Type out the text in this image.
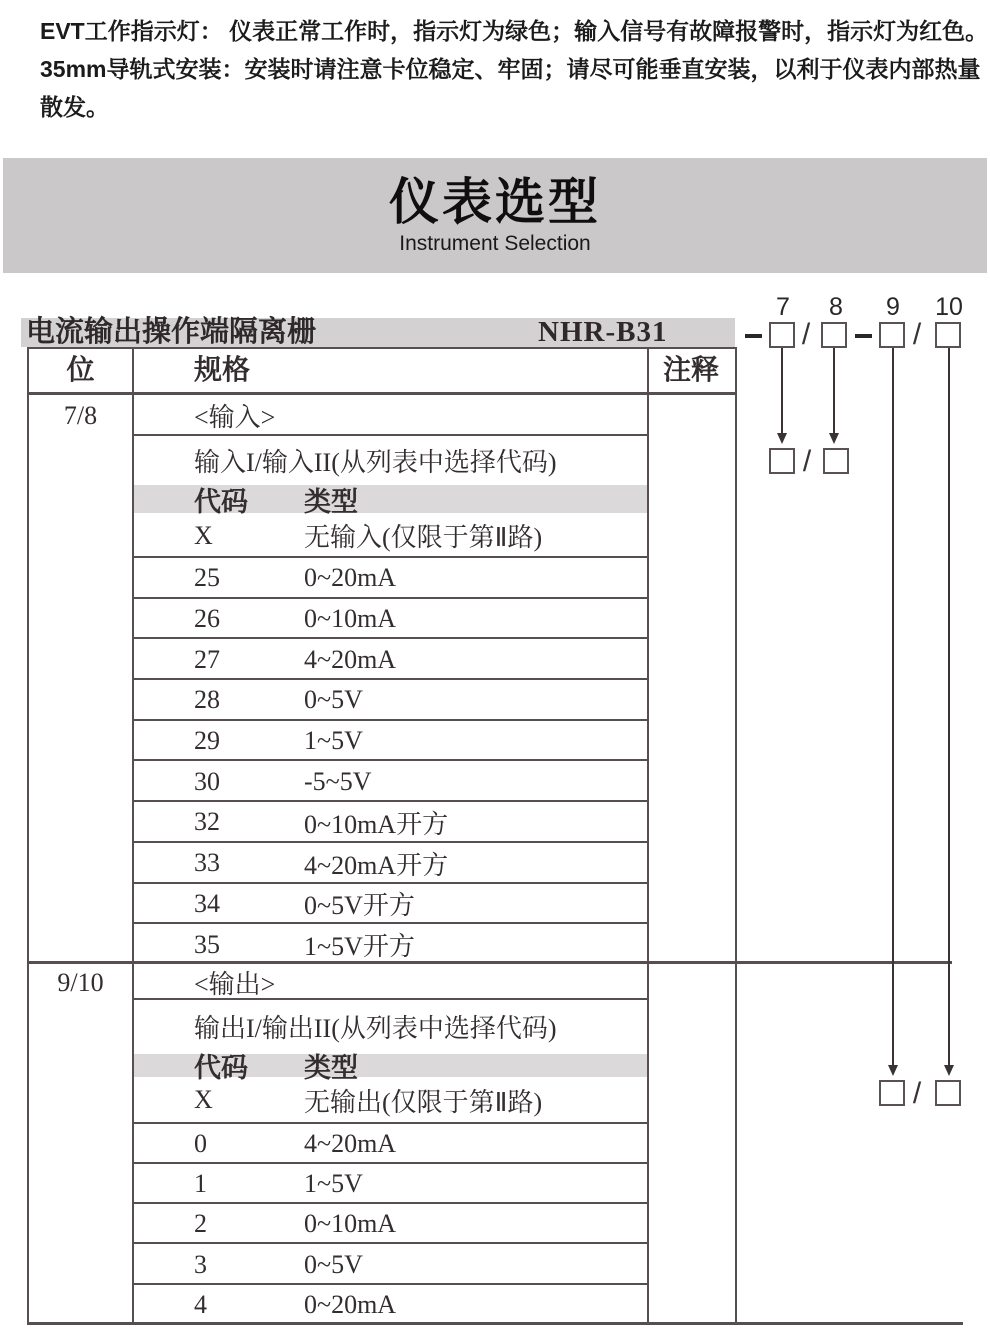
EVT工作指示灯： 仪表正常工作时，指示灯为绿色；输入信号有故障报警时，指示灯为红色。
35mm导轨式安装：安装时请注意卡位稳定、牢固；请尽可能垂直安装，以利于仪表内部热量散发。
仪表选型
Instrument Selection
电流输出操作端隔离栅	NHR-B31
位	规格	注释
7/8	<输入>
输入I/输入II(从列表中选择代码)
代码	类型
X	无输入(仅限于第Ⅱ路)
25	0~20mA
26	0~10mA
27	4~20mA
28	0~5V
29	1~5V
30	-5~5V
32	0~10mA开方
33	4~20mA开方
34	0~5V开方
35	1~5V开方
9/10	<输出>
输出I/输出II(从列表中选择代码)
代码	类型
X	无输出(仅限于第Ⅱ路)
0	4~20mA
1	1~5V
2	0~10mA
3	0~5V
4	0~20mA
7 8 9 10
/	/
/
/
